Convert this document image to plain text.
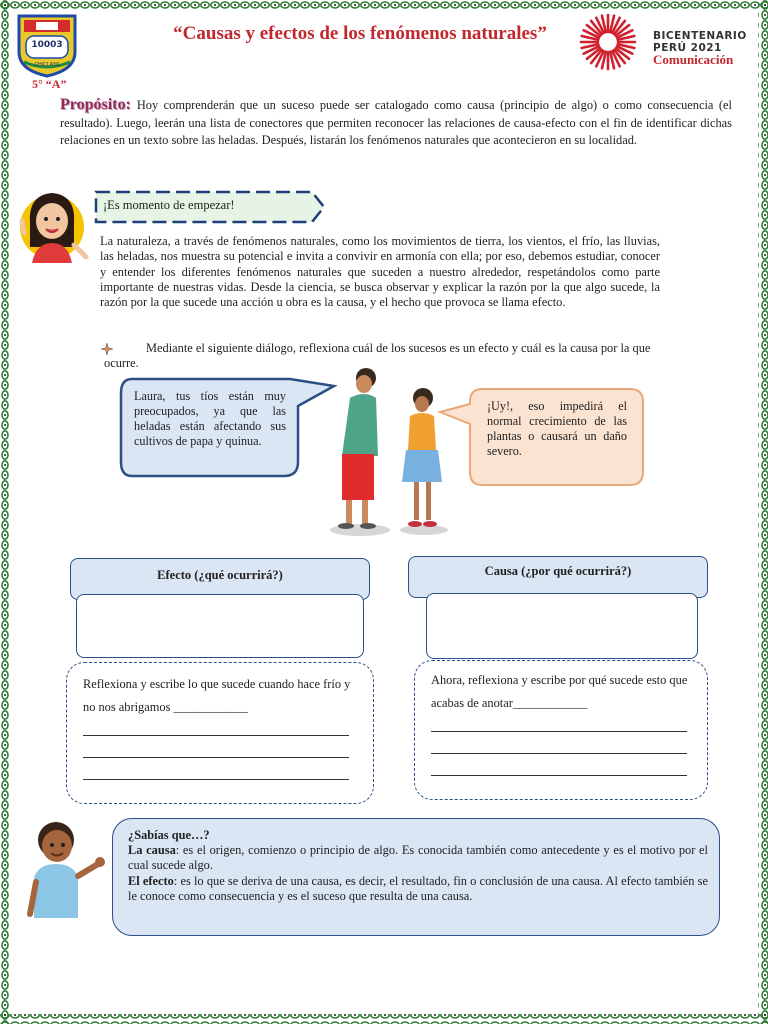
10003
CHICLAYO
5° “A”
“Causas y efectos de los fenómenos naturales”	BICENTENARIO
PERÚ 2021
Comunicación
Propósito: Hoy comprenderán que un suceso puede ser catalogado como causa (principio de algo) o como consecuencia (el resultado). Luego, leerán una lista de conectores que permiten reconocer las relaciones de causa-efecto con el fin de identificar dichas relaciones en un texto sobre las heladas. Después, listarán los fenómenos naturales que acontecieron en su localidad.
¡Es momento de empezar!
La naturaleza, a través de fenómenos naturales, como los movimientos de tierra, los vientos, el frío, las lluvias, las heladas, nos muestra su potencial e invita a convivir en armonía con ella; por eso, debemos estudiar, conocer y entender los diferentes fenómenos naturales que suceden a nuestro alrededor, respetándolos como parte importante de nuestras vidas. Desde la ciencia, se busca observar y explicar la razón por la que algo sucede, la razón por la que sucede una acción u obra es la causa, y el hecho que provoca se llama efecto.
Mediante el siguiente diálogo, reflexiona cuál de los sucesos es un efecto y cuál es la causa por la que ocurre.
Laura, tus tíos están muy preocupados, ya que las heladas están afectando sus cultivos de papa y quinua.
¡Uy!, eso impedirá el normal crecimiento de las plantas o causará un daño severo.
Efecto (¿qué ocurrirá?)
Reflexiona y escribe lo que sucede cuando hace frío y no nos abrigamos ____________
Causa (¿por qué ocurrirá?)
Ahora, reflexiona y escribe por qué sucede esto que acabas de anotar____________
¿Sabías que…?
La causa: es el origen, comienzo o principio de algo. Es conocida también como antecedente y es el motivo por el cual sucede algo.
El efecto: es lo que se deriva de una causa, es decir, el resultado, fin o conclusión de una causa. Al efecto también se le conoce como consecuencia y es el suceso que resulta de una causa.
